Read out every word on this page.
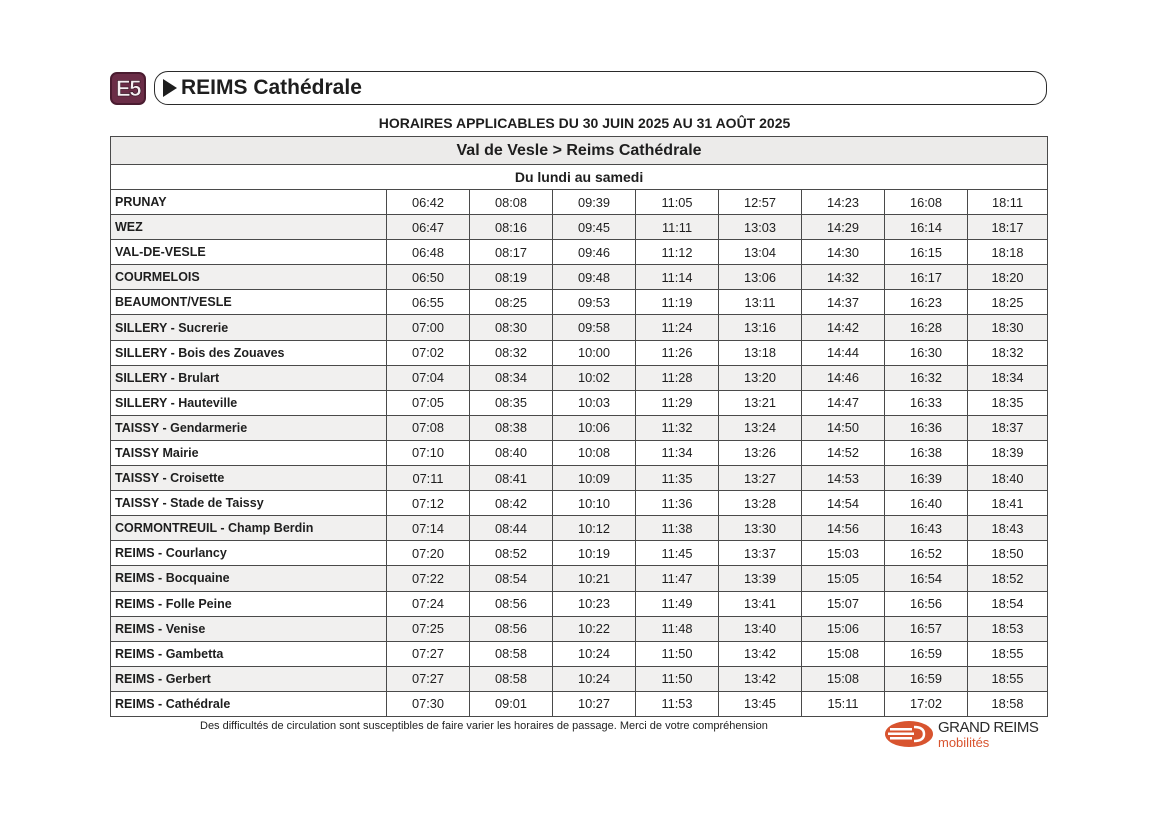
E5 REIMS Cathédrale
HORAIRES APPLICABLES DU 30 JUIN 2025 AU 31 AOÛT 2025
Val de Vesle > Reims Cathédrale								
Du lundi au samedi								
PRUNAY	06:42	08:08	09:39	11:05	12:57	14:23	16:08	18:11
WEZ	06:47	08:16	09:45	11:11	13:03	14:29	16:14	18:17
VAL-DE-VESLE	06:48	08:17	09:46	11:12	13:04	14:30	16:15	18:18
COURMELOIS	06:50	08:19	09:48	11:14	13:06	14:32	16:17	18:20
BEAUMONT/VESLE	06:55	08:25	09:53	11:19	13:11	14:37	16:23	18:25
SILLERY - Sucrerie	07:00	08:30	09:58	11:24	13:16	14:42	16:28	18:30
SILLERY - Bois des Zouaves	07:02	08:32	10:00	11:26	13:18	14:44	16:30	18:32
SILLERY - Brulart	07:04	08:34	10:02	11:28	13:20	14:46	16:32	18:34
SILLERY - Hauteville	07:05	08:35	10:03	11:29	13:21	14:47	16:33	18:35
TAISSY - Gendarmerie	07:08	08:38	10:06	11:32	13:24	14:50	16:36	18:37
TAISSY Mairie	07:10	08:40	10:08	11:34	13:26	14:52	16:38	18:39
TAISSY - Croisette	07:11	08:41	10:09	11:35	13:27	14:53	16:39	18:40
TAISSY - Stade de Taissy	07:12	08:42	10:10	11:36	13:28	14:54	16:40	18:41
CORMONTREUIL - Champ Berdin	07:14	08:44	10:12	11:38	13:30	14:56	16:43	18:43
REIMS - Courlancy	07:20	08:52	10:19	11:45	13:37	15:03	16:52	18:50
REIMS - Bocquaine	07:22	08:54	10:21	11:47	13:39	15:05	16:54	18:52
REIMS - Folle Peine	07:24	08:56	10:23	11:49	13:41	15:07	16:56	18:54
REIMS - Venise	07:25	08:56	10:22	11:48	13:40	15:06	16:57	18:53
REIMS - Gambetta	07:27	08:58	10:24	11:50	13:42	15:08	16:59	18:55
REIMS - Gerbert	07:27	08:58	10:24	11:50	13:42	15:08	16:59	18:55
REIMS - Cathédrale	07:30	09:01	10:27	11:53	13:45	15:11	17:02	18:58
Des difficultés de circulation sont susceptibles de faire varier les horaires de passage. Merci de votre compréhension	GRAND REIMS
mobilités
